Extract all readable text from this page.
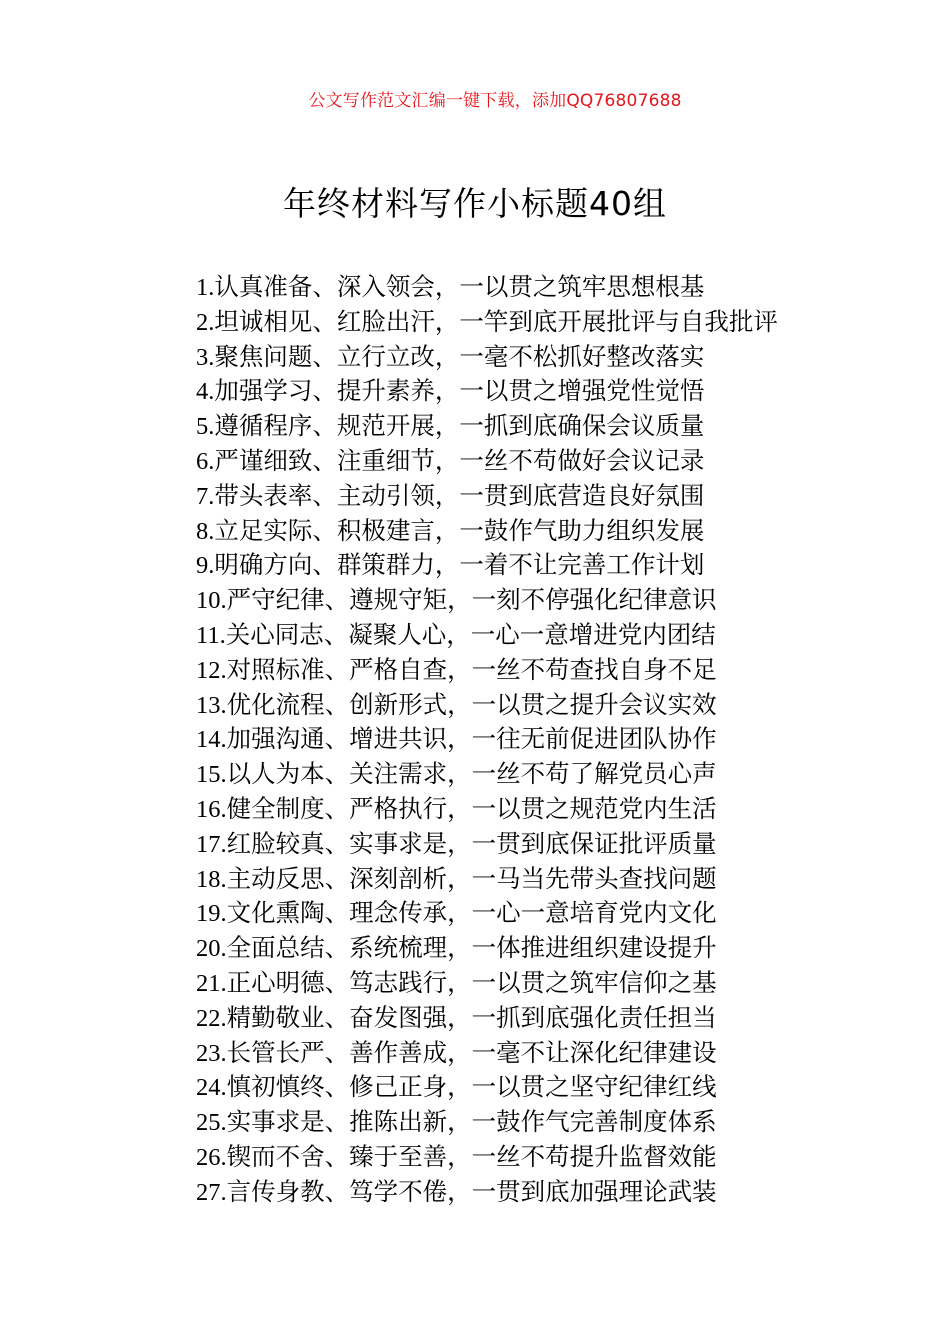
公文写作范文汇编一键下载，添加QQ76807688
年终材料写作小标题40组
1.认真准备、深入领会，一以贯之筑牢思想根基
2.坦诚相见、红脸出汗，一竿到底开展批评与自我批评
3.聚焦问题、立行立改，一毫不松抓好整改落实
4.加强学习、提升素养，一以贯之增强党性觉悟
5.遵循程序、规范开展，一抓到底确保会议质量
6.严谨细致、注重细节，一丝不苟做好会议记录
7.带头表率、主动引领，一贯到底营造良好氛围
8.立足实际、积极建言，一鼓作气助力组织发展
9.明确方向、群策群力，一着不让完善工作计划
10.严守纪律、遵规守矩，一刻不停强化纪律意识
11.关心同志、凝聚人心，一心一意增进党内团结
12.对照标准、严格自查，一丝不苟查找自身不足
13.优化流程、创新形式，一以贯之提升会议实效
14.加强沟通、增进共识，一往无前促进团队协作
15.以人为本、关注需求，一丝不苟了解党员心声
16.健全制度、严格执行，一以贯之规范党内生活
17.红脸较真、实事求是，一贯到底保证批评质量
18.主动反思、深刻剖析，一马当先带头查找问题
19.文化熏陶、理念传承，一心一意培育党内文化
20.全面总结、系统梳理，一体推进组织建设提升
21.正心明德、笃志践行，一以贯之筑牢信仰之基
22.精勤敬业、奋发图强，一抓到底强化责任担当
23.长管长严、善作善成，一毫不让深化纪律建设
24.慎初慎终、修己正身，一以贯之坚守纪律红线
25.实事求是、推陈出新，一鼓作气完善制度体系
26.锲而不舍、臻于至善，一丝不苟提升监督效能
27.言传身教、笃学不倦，一贯到底加强理论武装
